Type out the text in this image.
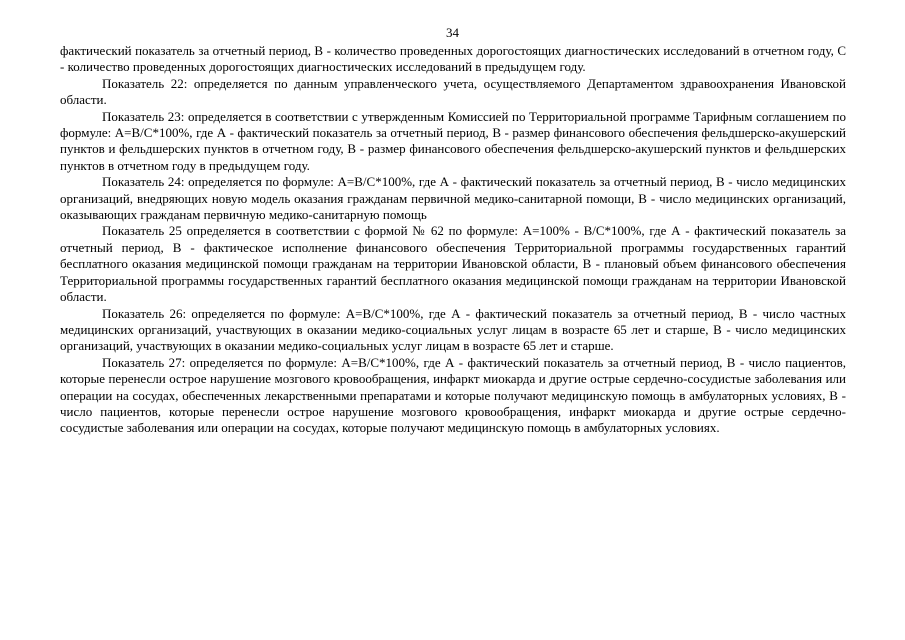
34

фактический показатель за отчетный период, В - количество проведенных дорогостоящих диагностических исследований в отчетном году, С - количество проведенных дорогостоящих диагностических исследований в предыдущем году.

Показатель 22: определяется по данным управленческого учета, осуществляемого Департаментом здравоохранения Ивановской области.

Показатель 23: определяется в соответствии с утвержденным Комиссией по Территориальной программе Тарифным соглашением по формуле: А=В/С*100%, где А - фактический показатель за отчетный период, В - размер финансового обеспечения фельдшерско-акушерский пунктов и фельдшерских пунктов в отчетном году, В - размер финансового обеспечения фельдшерско-акушерский пунктов и фельдшерских пунктов в отчетном году в предыдущем году.

Показатель 24: определяется по формуле: А=В/С*100%, где А - фактический показатель за отчетный период, В - число медицинских организаций, внедряющих новую модель оказания гражданам первичной медико-санитарной помощи, В - число медицинских организаций, оказывающих гражданам первичную медико-санитарную помощь

Показатель 25 определяется в соответствии с формой № 62 по формуле: А=100% - В/С*100%, где А - фактический показатель за отчетный период, В - фактическое исполнение финансового обеспечения Территориальной программы государственных гарантий бесплатного оказания медицинской помощи гражданам на территории Ивановской области, В - плановый объем финансового обеспечения Территориальной программы государственных гарантий бесплатного оказания медицинской помощи гражданам на территории Ивановской области.

Показатель 26: определяется по формуле: А=В/С*100%, где А - фактический показатель за отчетный период, В - число частных медицинских организаций, участвующих в оказании медико-социальных услуг лицам в возрасте 65 лет и старше, В - число медицинских организаций, участвующих в оказании медико-социальных услуг лицам в возрасте 65 лет и старше.

Показатель 27: определяется по формуле: А=В/С*100%, где А - фактический показатель за отчетный период, В - число пациентов, которые перенесли острое нарушение мозгового кровообращения, инфаркт миокарда и другие острые сердечно-сосудистые заболевания или операции на сосудах, обеспеченных лекарственными препаратами и которые получают медицинскую помощь в амбулаторных условиях, В - число пациентов, которые перенесли острое нарушение мозгового кровообращения, инфаркт миокарда и другие острые сердечно-сосудистые заболевания или операции на сосудах, которые получают медицинскую помощь в амбулаторных условиях.
